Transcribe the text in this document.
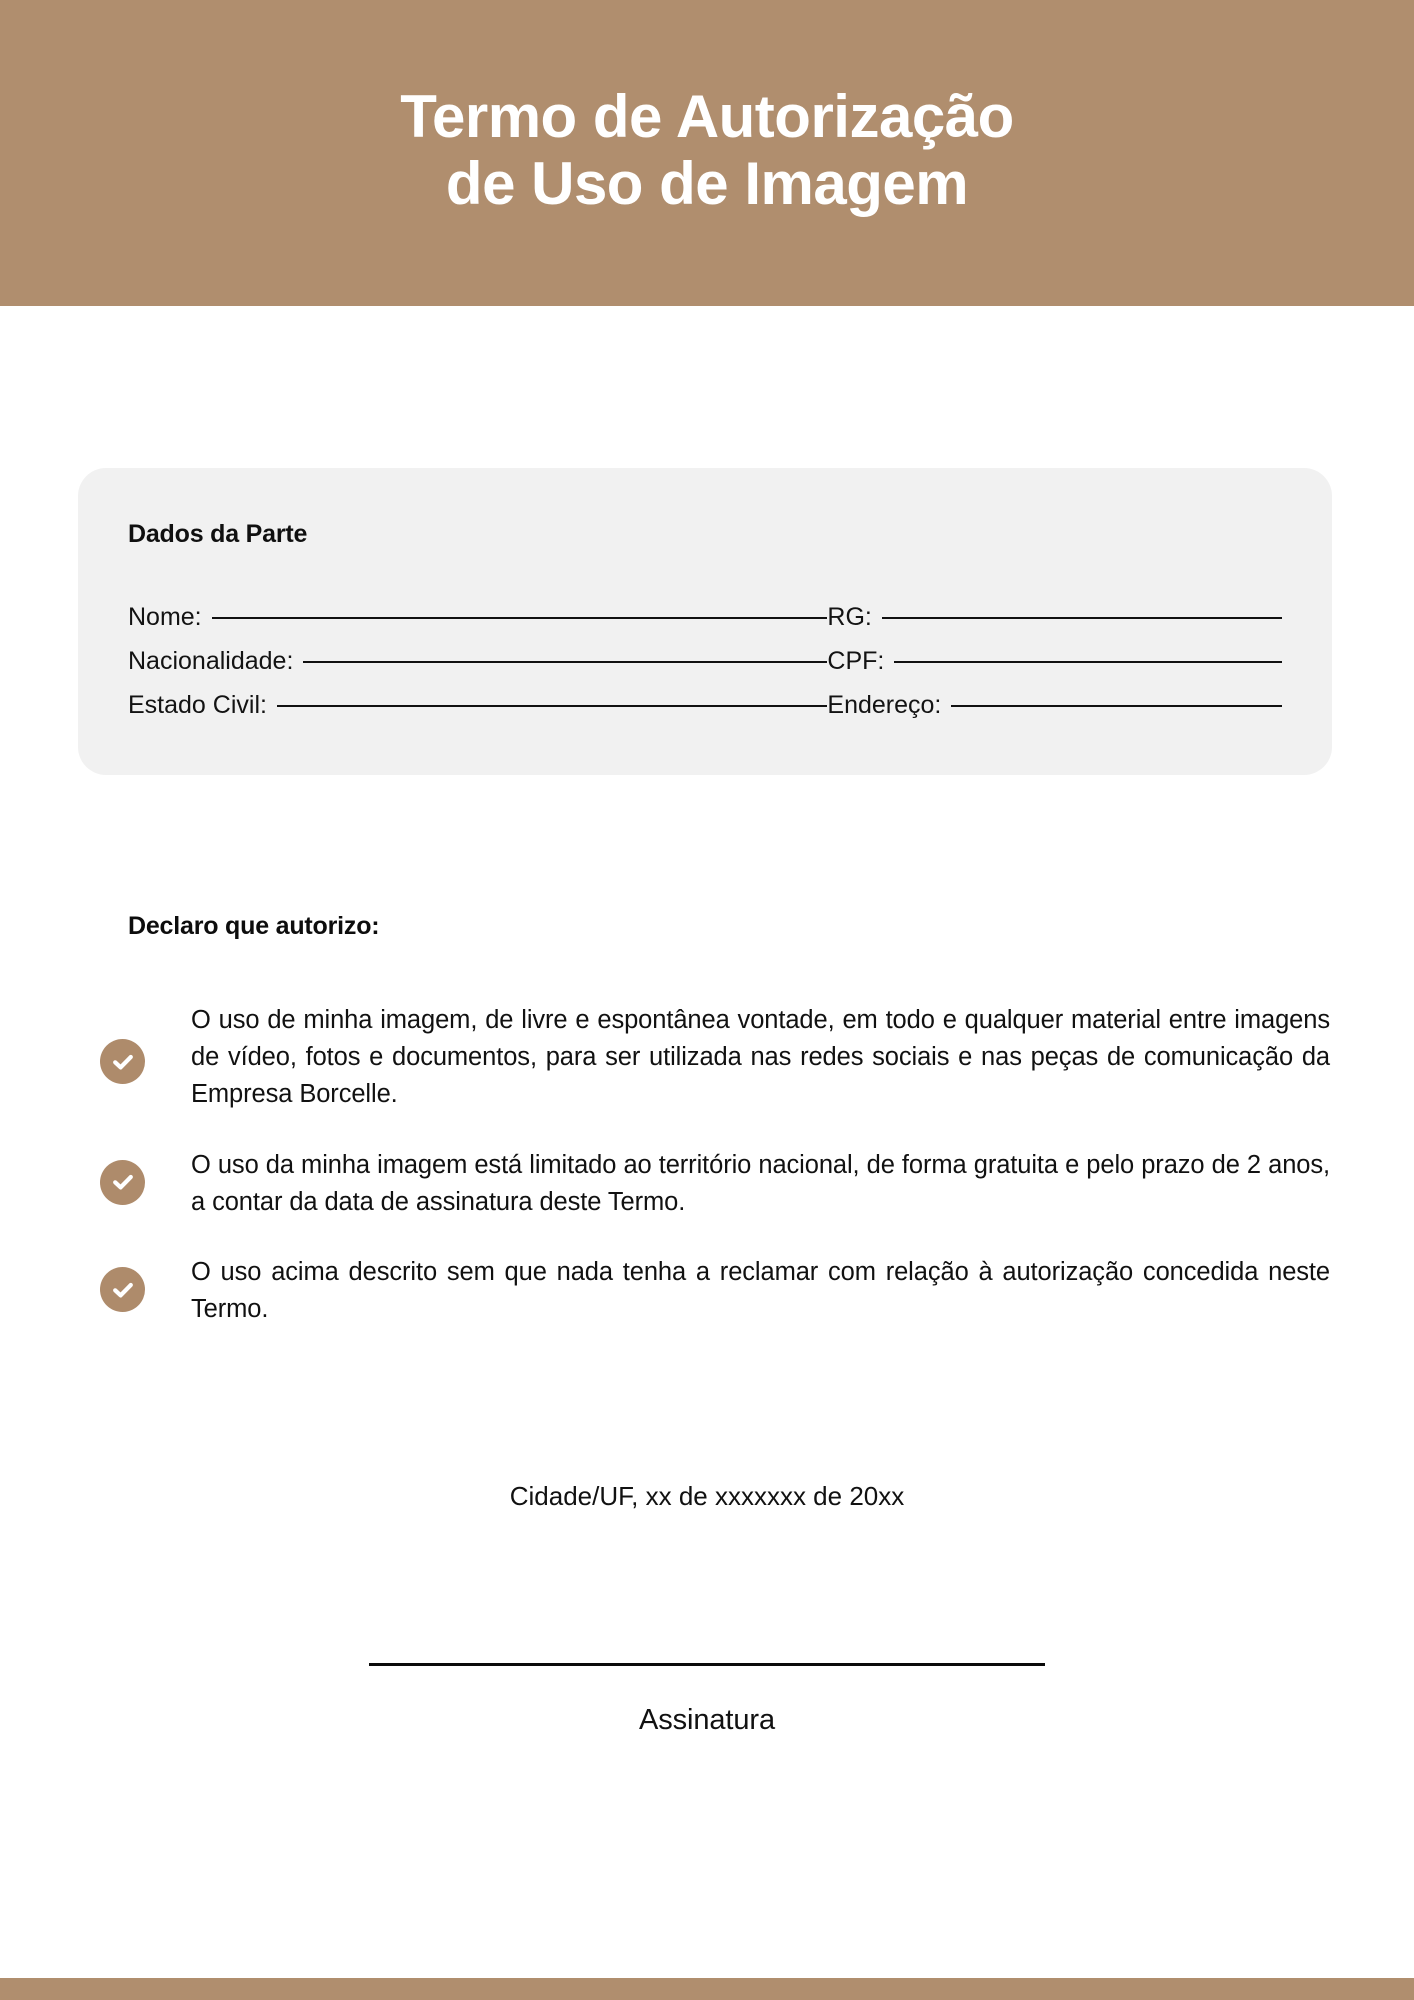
Termo de Autorização
de Uso de Imagem
Dados da Parte
Nome:
Nacionalidade:
Estado Civil:
RG:
CPF:
Endereço:
Declaro que autorizo:

O uso de minha imagem, de livre e espontânea vontade, em todo e qualquer material entre imagens de vídeo, fotos e documentos, para ser utilizada nas redes sociais e nas peças de comunicação da Empresa Borcelle.

O uso da minha imagem está limitado ao território nacional, de forma gratuita e pelo prazo de 2 anos, a contar da data de assinatura deste Termo.

O uso acima descrito sem que nada tenha a reclamar com relação à autorização concedida neste Termo.

Cidade/UF, xx de xxxxxxx de 20xx
Assinatura
